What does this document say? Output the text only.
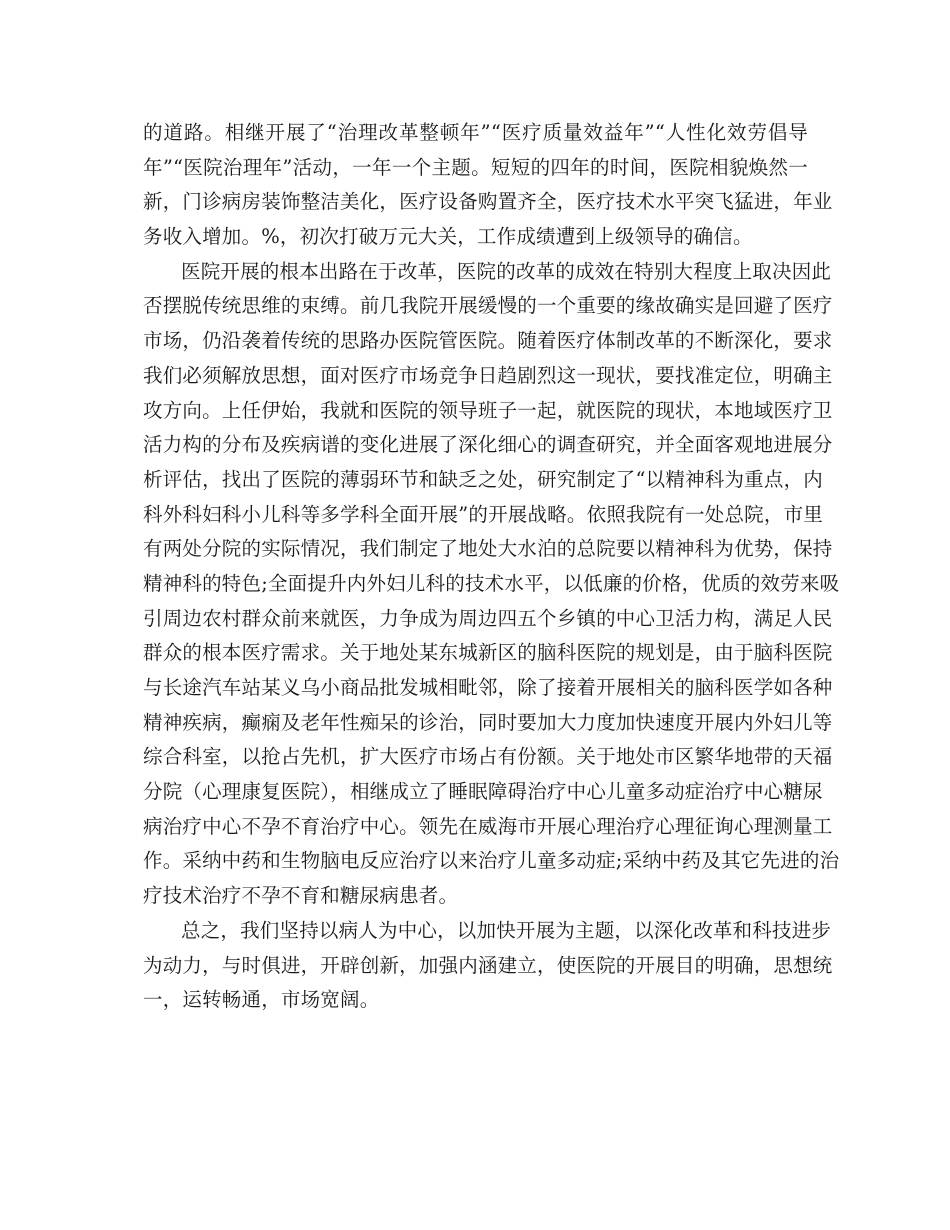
的道路。相继开展了“治理改革整顿年”“医疗质量效益年”“人性化效劳倡导
年”“医院治理年”活动，一年一个主题。短短的四年的时间，医院相貌焕然一
新，门诊病房装饰整洁美化，医疗设备购置齐全，医疗技术水平突飞猛进，年业
务收入增加。%，初次打破万元大关，工作成绩遭到上级领导的确信。
医院开展的根本出路在于改革，医院的改革的成效在特别大程度上取决因此
否摆脱传统思维的束缚。前几我院开展缓慢的一个重要的缘故确实是回避了医疗
市场，仍沿袭着传统的思路办医院管医院。随着医疗体制改革的不断深化，要求
我们必须解放思想，面对医疗市场竞争日趋剧烈这一现状，要找准定位，明确主
攻方向。上任伊始，我就和医院的领导班子一起，就医院的现状，本地域医疗卫
活力构的分布及疾病谱的变化进展了深化细心的调查研究，并全面客观地进展分
析评估，找出了医院的薄弱环节和缺乏之处，研究制定了“以精神科为重点，内
科外科妇科小儿科等多学科全面开展”的开展战略。依照我院有一处总院，市里
有两处分院的实际情况，我们制定了地处大水泊的总院要以精神科为优势，保持
精神科的特色;全面提升内外妇儿科的技术水平，以低廉的价格，优质的效劳来吸
引周边农村群众前来就医，力争成为周边四五个乡镇的中心卫活力构，满足人民
群众的根本医疗需求。关于地处某东城新区的脑科医院的规划是，由于脑科医院
与长途汽车站某义乌小商品批发城相毗邻，除了接着开展相关的脑科医学如各种
精神疾病，癫痫及老年性痴呆的诊治，同时要加大力度加快速度开展内外妇儿等
综合科室，以抢占先机，扩大医疗市场占有份额。关于地处市区繁华地带的天福
分院（心理康复医院），相继成立了睡眠障碍治疗中心儿童多动症治疗中心糖尿
病治疗中心不孕不育治疗中心。领先在威海市开展心理治疗心理征询心理测量工
作。采纳中药和生物脑电反应治疗以来治疗儿童多动症;采纳中药及其它先进的治
疗技术治疗不孕不育和糖尿病患者。
总之，我们坚持以病人为中心，以加快开展为主题，以深化改革和科技进步
为动力，与时俱进，开辟创新，加强内涵建立，使医院的开展目的明确，思想统
一，运转畅通，市场宽阔。
